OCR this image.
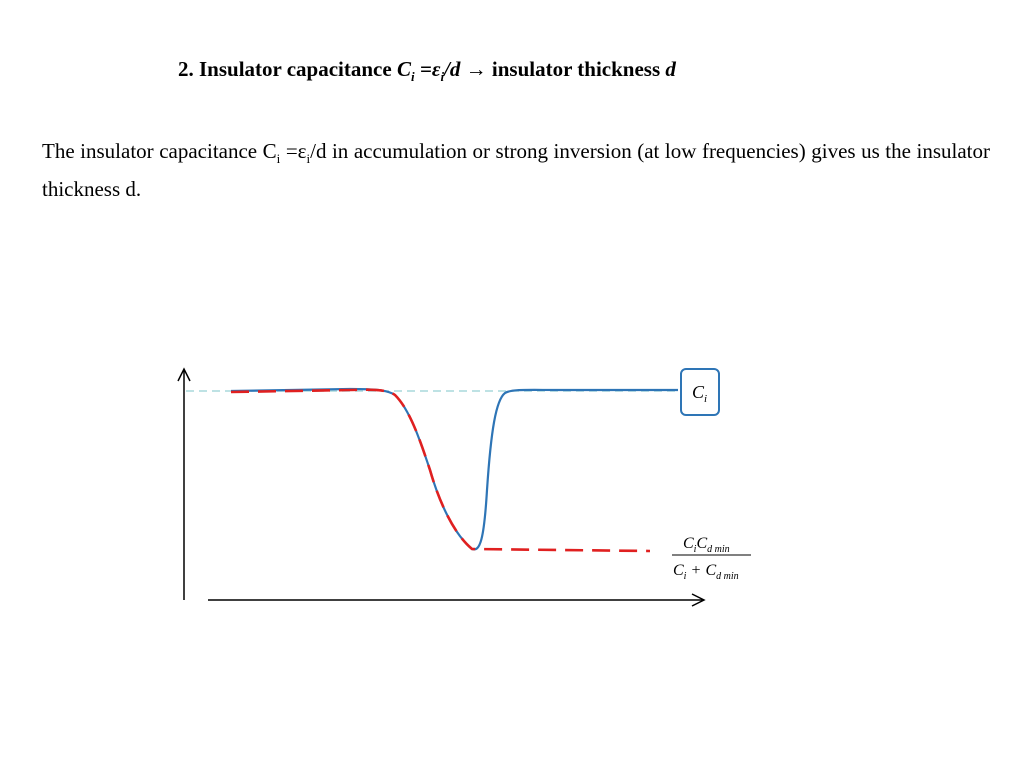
2. Insulator capacitance $C_i =\varepsilon_i/d$ → insulator thickness d
The insulator capacitance $C_i =\varepsilon_i/d$ in accumulation or strong inversion (at low frequencies) gives us the insulator thickness d.
$C_i$
$C_iC_{d min}$
$C_i + C_{d min}$
